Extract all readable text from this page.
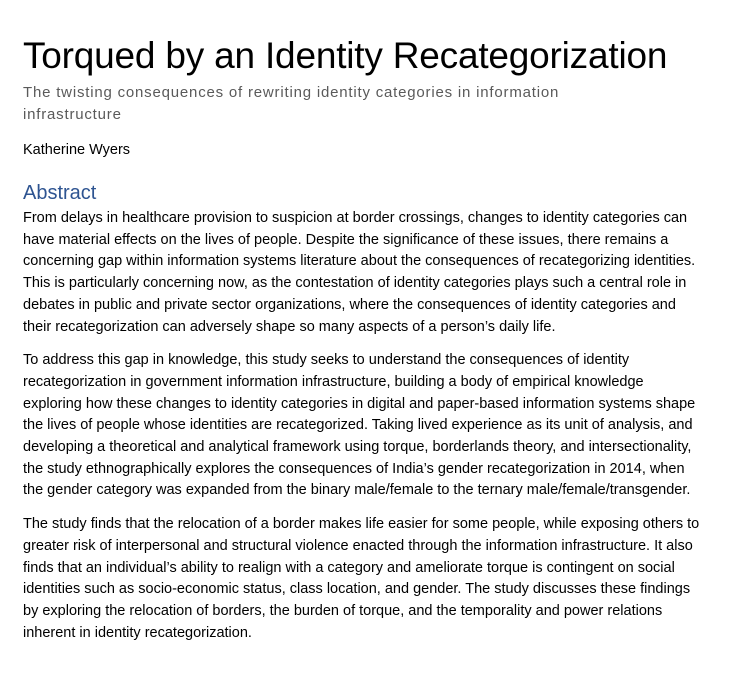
Torqued by an Identity Recategorization
The twisting consequences of rewriting identity categories in information infrastructure
Katherine Wyers
Abstract

From delays in healthcare provision to suspicion at border crossings, changes to identity categories can have material effects on the lives of people. Despite the significance of these issues, there remains a concerning gap within information systems literature about the consequences of recategorizing identities. This is particularly concerning now, as the contestation of identity categories plays such a central role in debates in public and private sector organizations, where the consequences of identity categories and their recategorization can adversely shape so many aspects of a person’s daily life.

To address this gap in knowledge, this study seeks to understand the consequences of identity recategorization in government information infrastructure, building a body of empirical knowledge exploring how these changes to identity categories in digital and paper-based information systems shape the lives of people whose identities are recategorized. Taking lived experience as its unit of analysis, and developing a theoretical and analytical framework using torque, borderlands theory, and intersectionality, the study ethnographically explores the consequences of India’s gender recategorization in 2014, when the gender category was expanded from the binary male/female to the ternary male/female/transgender.

The study finds that the relocation of a border makes life easier for some people, while exposing others to greater risk of interpersonal and structural violence enacted through the information infrastructure. It also finds that an individual’s ability to realign with a category and ameliorate torque is contingent on social identities such as socio-economic status, class location, and gender. The study discusses these findings by exploring the relocation of borders, the burden of torque, and the temporality and power relations inherent in identity recategorization.
